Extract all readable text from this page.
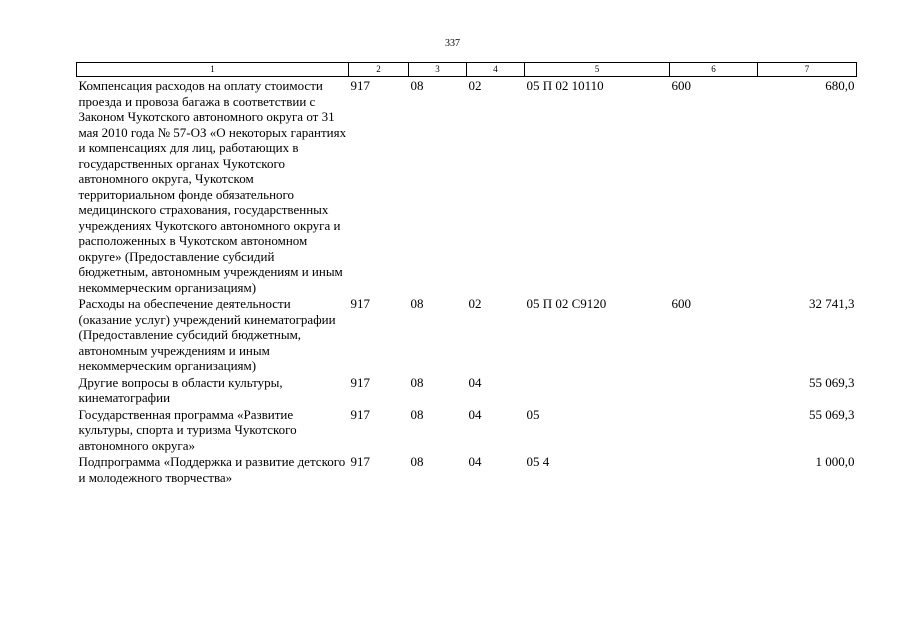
337
1	2	3	4	5	6	7
Компенсация расходов на оплату стоимости проезда и провоза багажа в соответствии с Законом Чукотского автономного округа от 31 мая 2010 года № 57-ОЗ «О некоторых гарантиях и компенсациях для лиц, работающих в государственных органах Чукотского автономного округа, Чукотском территориальном фонде обязательного медицинского страхования, государственных учреждениях Чукотского автономного округа и расположенных в Чукотском автономном округе» (Предоставление субсидий бюджетным, автономным учреждениям и иным некоммерческим организациям)	917	08	02	05 П 02 10110	600	680,0
Расходы на обеспечение деятельности (оказание услуг) учреждений кинематографии (Предоставление субсидий бюджетным, автономным учреждениям и иным некоммерческим организациям)	917	08	02	05 П 02 С9120	600	32 741,3
Другие вопросы в области культуры, кинематографии	917	08	04			55 069,3
Государственная программа «Развитие культуры, спорта и туризма Чукотского автономного округа»	917	08	04	05		55 069,3
Подпрограмма «Поддержка и развитие детского и молодежного творчества»	917	08	04	05 4		1 000,0
